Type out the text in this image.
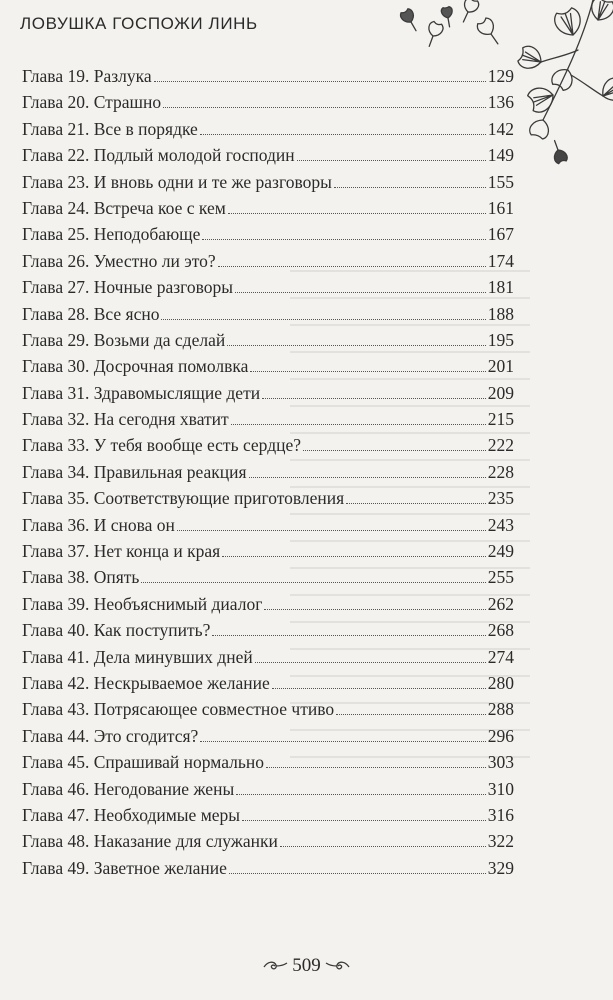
ЛОВУШКА ГОСПОЖИ ЛИНЬ
Глава 19. Разлука	129
Глава 20. Страшно	136
Глава 21. Все в порядке	142
Глава 22. Подлый молодой господин	149
Глава 23. И вновь одни и те же разговоры	155
Глава 24. Встреча кое с кем	161
Глава 25. Неподобающе	167
Глава 26. Уместно ли это?	174
Глава 27. Ночные разговоры	181
Глава 28. Все ясно	188
Глава 29. Возьми да сделай	195
Глава 30. Досрочная помолвка	201
Глава 31. Здравомыслящие дети	209
Глава 32. На сегодня хватит	215
Глава 33. У тебя вообще есть сердце?	222
Глава 34. Правильная реакция	228
Глава 35. Соответствующие приготовления	235
Глава 36. И снова он	243
Глава 37. Нет конца и края	249
Глава 38. Опять	255
Глава 39. Необъяснимый диалог	262
Глава 40. Как поступить?	268
Глава 41. Дела минувших дней	274
Глава 42. Нескрываемое желание	280
Глава 43. Потрясающее совместное чтиво	288
Глава 44. Это сгодится?	296
Глава 45. Спрашивай нормально	303
Глава 46. Негодование жены	310
Глава 47. Необходимые меры	316
Глава 48. Наказание для служанки	322
Глава 49. Заветное желание	329
509
